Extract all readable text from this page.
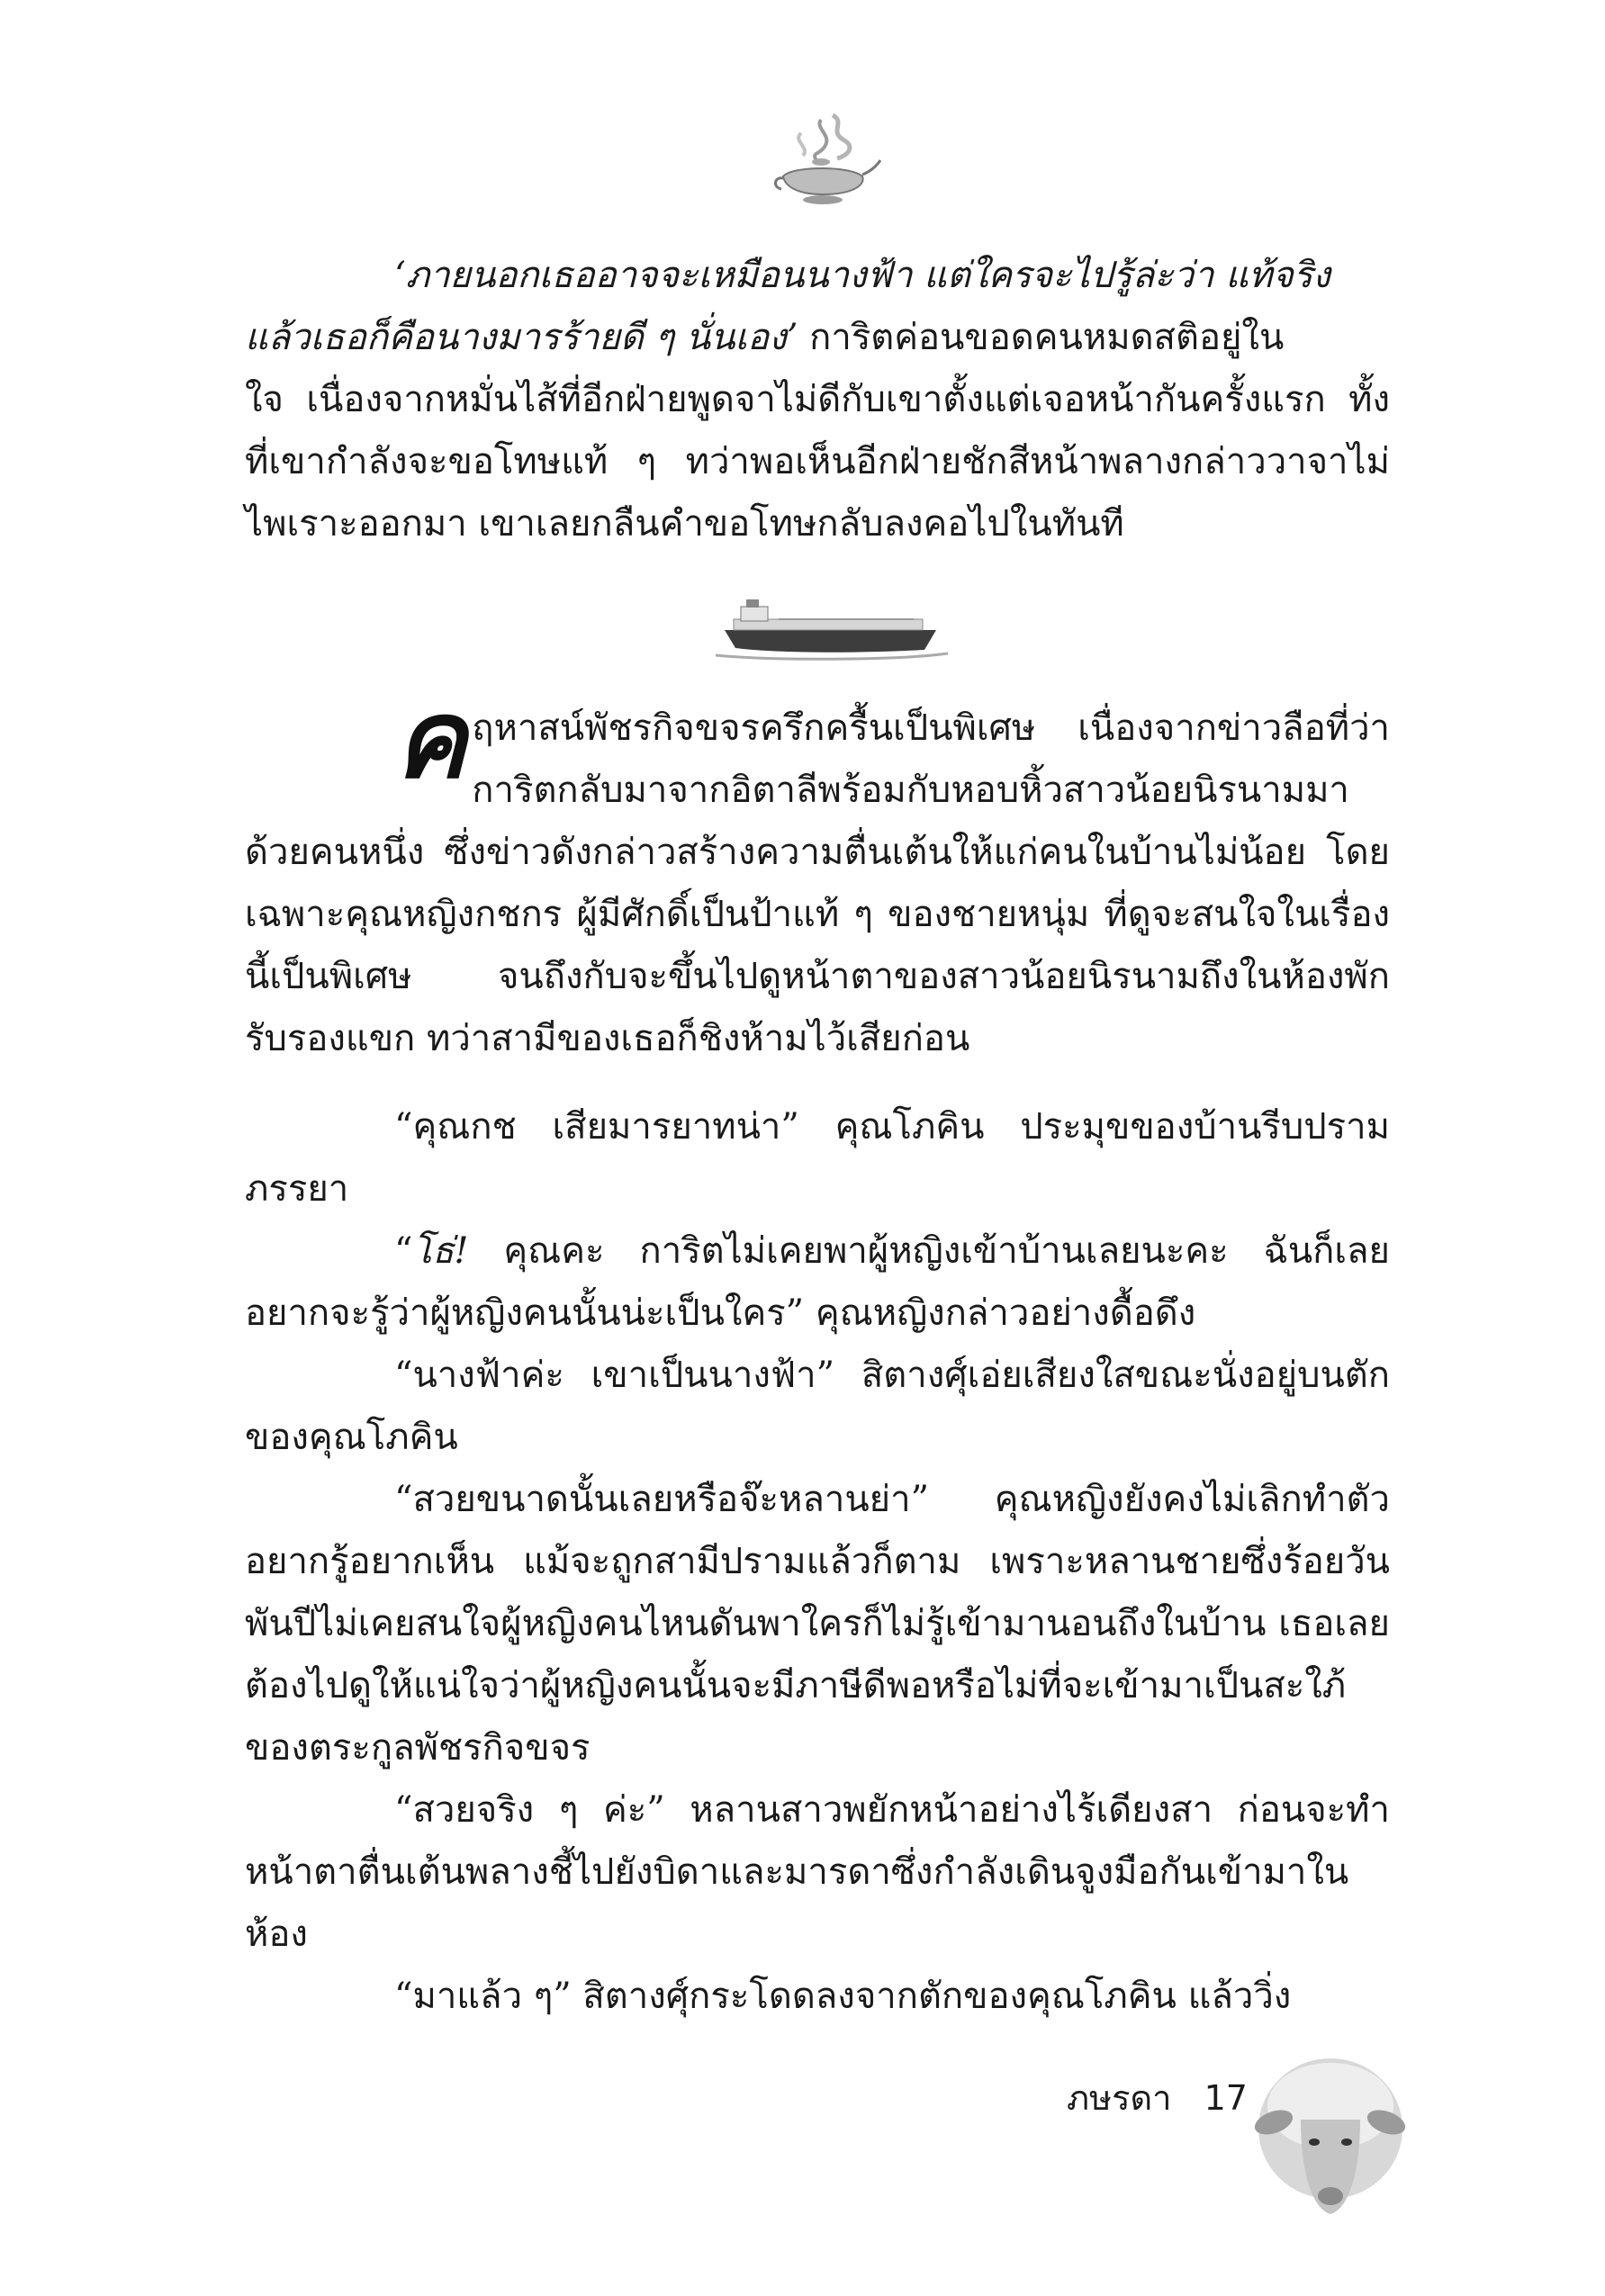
‘ภายนอกเธออาจจะเหมือนนางฟ้า แต่ใครจะไปรู้ล่ะว่า แท้จริง

แล้วเธอก็คือนางมารร้ายดี ๆ นั่นเอง’ การิตค่อนขอดคนหมดสติอยู่ใน

ใจ เนื่องจากหมั่นไส้ที่อีกฝ่ายพูดจาไม่ดีกับเขาตั้งแต่เจอหน้ากันครั้งแรก ทั้งที่เขากำลังจะขอโทษแท้ ๆ ทว่าพอเห็นอีกฝ่ายชักสีหน้าพลางกล่าววาจาไม่ไพเราะออกมา เขาเลยกลืนคำขอโทษกลับลงคอไปในทันที

ค ฤหาสน์พัชรกิจขจรครึกครื้นเป็นพิเศษ เนื่องจากข่าวลือที่ว่าการิตกลับมาจากอิตาลีพร้อมกับหอบหิ้วสาวน้อยนิรนามมาด้วยคนหนึ่ง ซึ่งข่าวดังกล่าวสร้างความตื่นเต้นให้แก่คนในบ้านไม่น้อย โดยเฉพาะคุณหญิงกชกร ผู้มีศักดิ์เป็นป้าแท้ ๆ ของชายหนุ่ม ที่ดูจะสนใจในเรื่องนี้เป็นพิเศษ จนถึงกับจะขึ้นไปดูหน้าตาของสาวน้อยนิรนามถึงในห้องพักรับรองแขก ทว่าสามีของเธอก็ชิงห้ามไว้เสียก่อน

“คุณกช เสียมารยาทน่า” คุณโภคิน ประมุขของบ้านรีบปรามภรรยา

“โธ่! คุณคะ การิตไม่เคยพาผู้หญิงเข้าบ้านเลยนะคะ ฉันก็เลยอยากจะรู้ว่าผู้หญิงคนนั้นน่ะเป็นใคร” คุณหญิงกล่าวอย่างดื้อดึง

“นางฟ้าค่ะ เขาเป็นนางฟ้า” สิตางศุ์เอ่ยเสียงใสขณะนั่งอยู่บนตักของคุณโภคิน

“สวยขนาดนั้นเลยหรือจ๊ะหลานย่า” คุณหญิงยังคงไม่เลิกทำตัวอยากรู้อยากเห็น แม้จะถูกสามีปรามแล้วก็ตาม เพราะหลานชายซึ่งร้อยวันพันปีไม่เคยสนใจผู้หญิงคนไหนดันพาใครก็ไม่รู้เข้ามานอนถึงในบ้าน เธอเลยต้องไปดูให้แน่ใจว่าผู้หญิงคนนั้นจะมีภาษีดีพอหรือไม่ที่จะเข้ามาเป็นสะใภ้ของตระกูลพัชรกิจขจร

“สวยจริง ๆ ค่ะ” หลานสาวพยักหน้าอย่างไร้เดียงสา ก่อนจะทำหน้าตาตื่นเต้นพลางชี้ไปยังบิดาและมารดาซึ่งกำลังเดินจูงมือกันเข้ามาในห้อง

“มาแล้ว ๆ” สิตางศุ์กระโดดลงจากตักของคุณโภคิน แล้ววิ่ง

ภษรดา 17
